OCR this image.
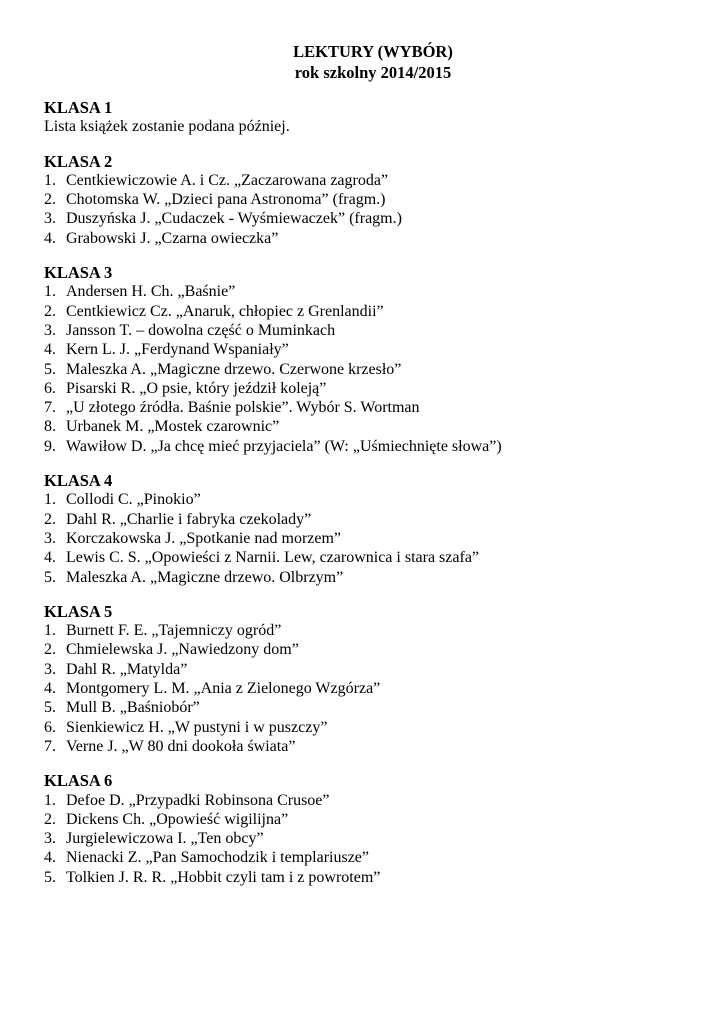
LEKTURY (WYBÓR)

rok szkolny 2014/2015

KLASA 1

Lista książek zostanie podana później.

KLASA 2

1. Centkiewiczowie A. i Cz. „Zaczarowana zagroda”
2. Chotomska W. „Dzieci pana Astronoma” (fragm.)
3. Duszyńska J. „Cudaczek - Wyśmiewaczek” (fragm.)
4. Grabowski J. „Czarna owieczka”

KLASA 3

1. Andersen H. Ch. „Baśnie”
2. Centkiewicz Cz. „Anaruk, chłopiec z Grenlandii”
3. Jansson T. – dowolna część o Muminkach
4. Kern L. J. „Ferdynand Wspaniały”
5. Maleszka A. „Magiczne drzewo. Czerwone krzesło”
6. Pisarski R. „O psie, który jeździł koleją”
7. „U złotego źródła. Baśnie polskie”. Wybór S. Wortman
8. Urbanek M. „Mostek czarownic”
9. Wawiłow D. „Ja chcę mieć przyjaciela” (W: „Uśmiechnięte słowa”)

KLASA 4

1. Collodi C. „Pinokio”
2. Dahl R. „Charlie i fabryka czekolady”
3. Korczakowska J. „Spotkanie nad morzem”
4. Lewis C. S. „Opowieści z Narnii. Lew, czarownica i stara szafa”
5. Maleszka A. „Magiczne drzewo. Olbrzym”

KLASA 5

1. Burnett F. E. „Tajemniczy ogród”
2. Chmielewska J. „Nawiedzony dom”
3. Dahl R. „Matylda”
4. Montgomery L. M. „Ania z Zielonego Wzgórza”
5. Mull B. „Baśniobór”
6. Sienkiewicz H. „W pustyni i w puszczy”
7. Verne J. „W 80 dni dookoła świata”

KLASA 6

1. Defoe D. „Przypadki Robinsona Crusoe”
2. Dickens Ch. „Opowieść wigilijna”
3. Jurgielewiczowa I. „Ten obcy”
4. Nienacki Z. „Pan Samochodzik i templariusze”
5. Tolkien J. R. R. „Hobbit czyli tam i z powrotem”
